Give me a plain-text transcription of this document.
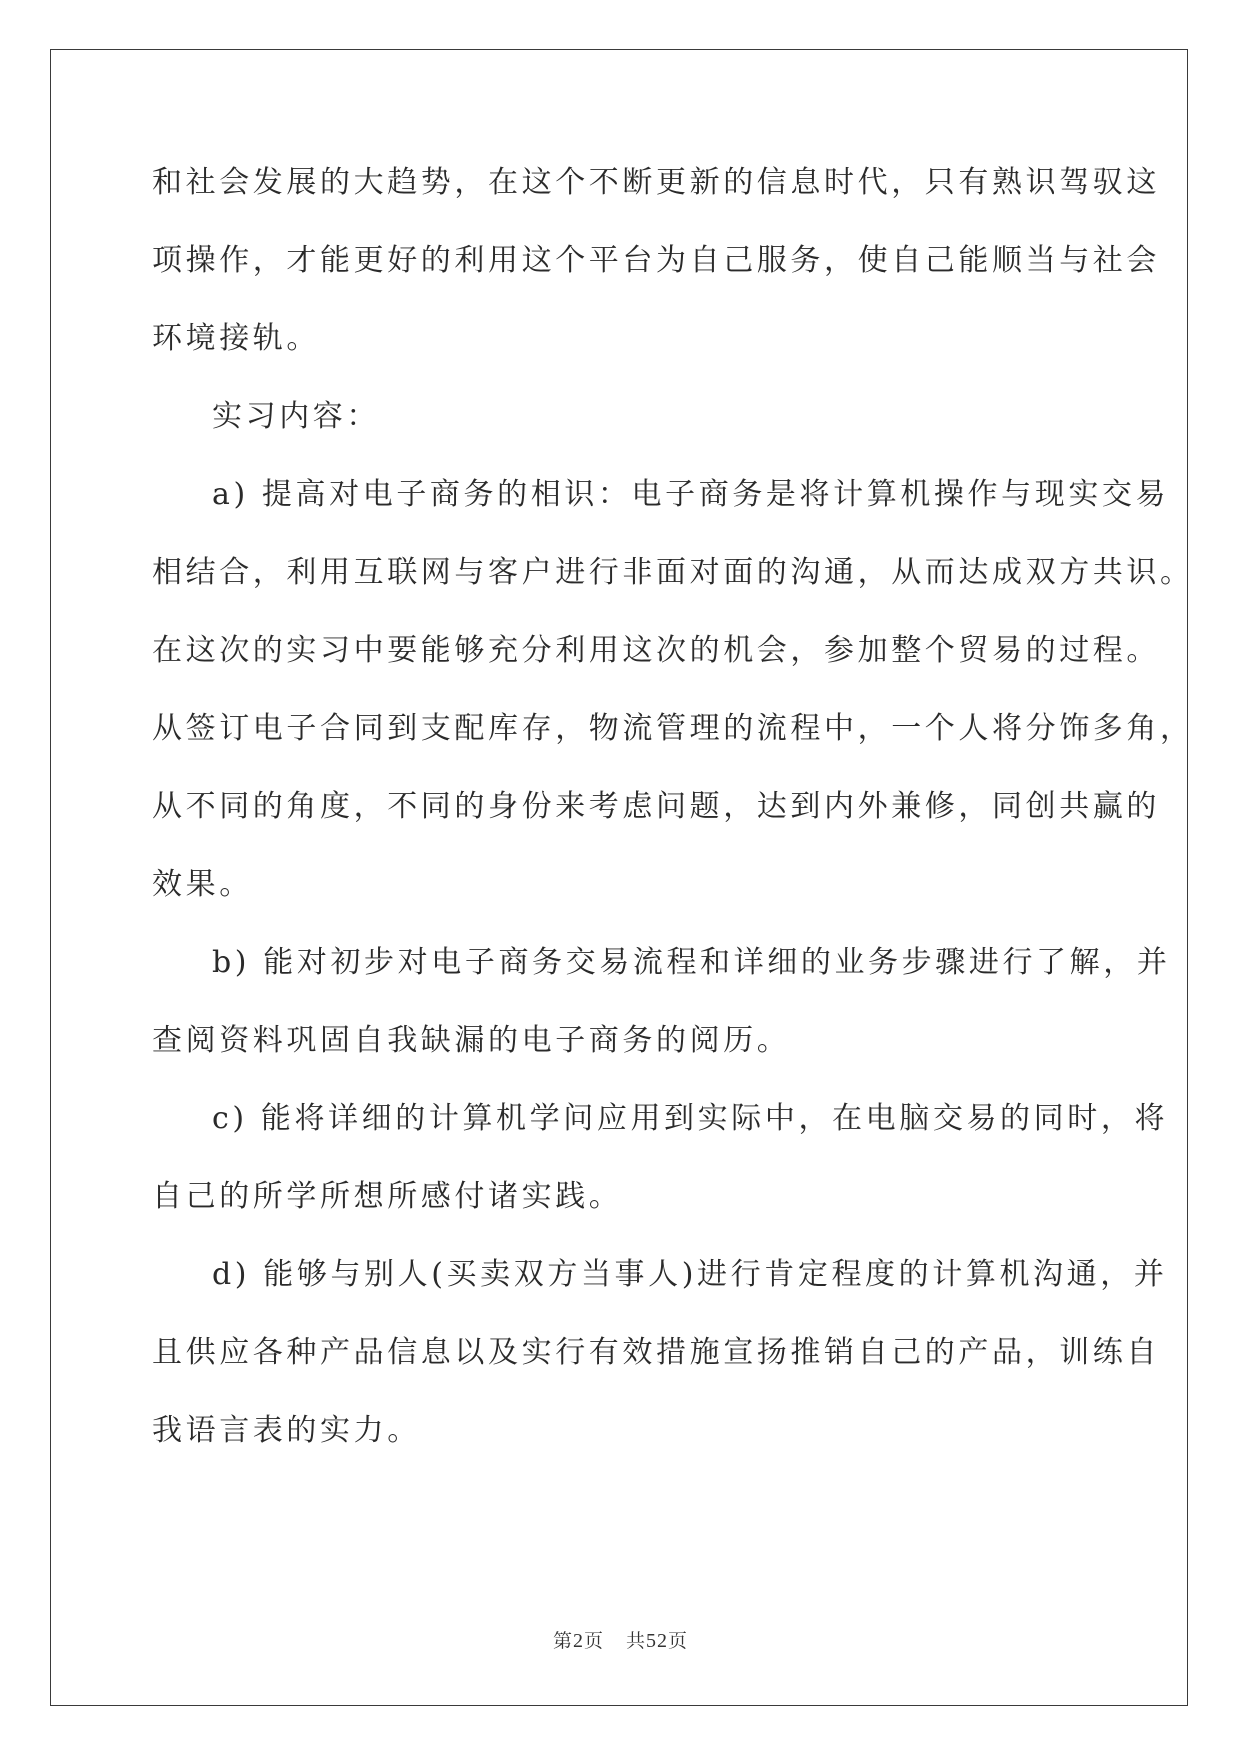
和社会发展的大趋势，在这个不断更新的信息时代，只有熟识驾驭这
项操作，才能更好的利用这个平台为自己服务，使自己能顺当与社会
环境接轨。
实习内容：
a) 提高对电子商务的相识：电子商务是将计算机操作与现实交易
相结合，利用互联网与客户进行非面对面的沟通，从而达成双方共识。
在这次的实习中要能够充分利用这次的机会，参加整个贸易的过程。
从签订电子合同到支配库存，物流管理的流程中，一个人将分饰多角，
从不同的角度，不同的身份来考虑问题，达到内外兼修，同创共赢的
效果。
b) 能对初步对电子商务交易流程和详细的业务步骤进行了解，并
查阅资料巩固自我缺漏的电子商务的阅历。
c) 能将详细的计算机学问应用到实际中，在电脑交易的同时，将
自己的所学所想所感付诸实践。
d) 能够与别人(买卖双方当事人)进行肯定程度的计算机沟通，并
且供应各种产品信息以及实行有效措施宣扬推销自己的产品，训练自
我语言表的实力。
第2页 共52页
